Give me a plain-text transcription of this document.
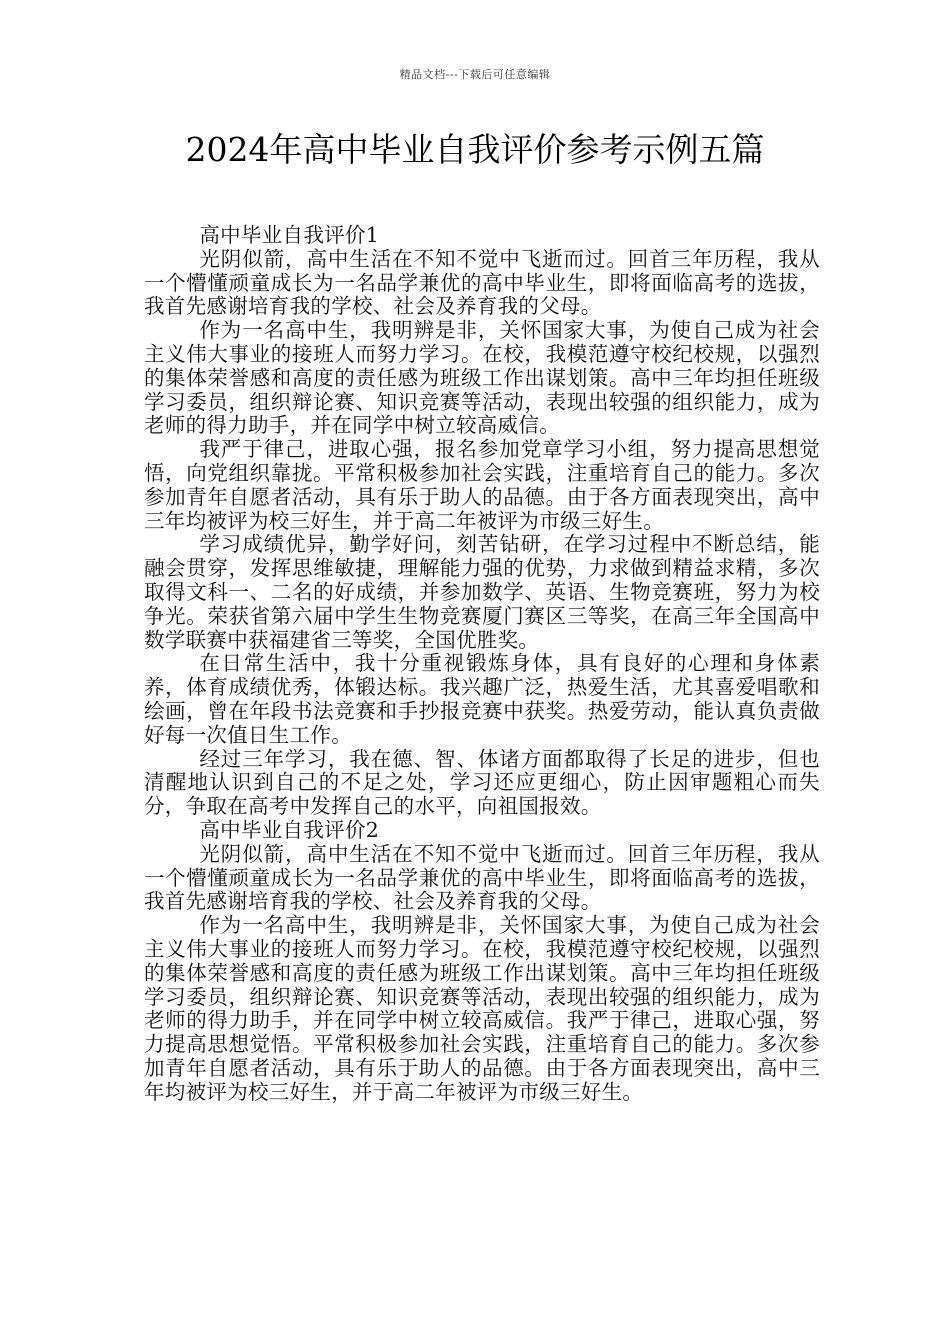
精品文档---下载后可任意编辑
2024年高中毕业自我评价参考示例五篇

高中毕业自我评价1

光阴似箭，高中生活在不知不觉中飞逝而过。回首三年历程，我从一个懵懂顽童成长为一名品学兼优的高中毕业生，即将面临高考的选拔，我首先感谢培育我的学校、社会及养育我的父母。

作为一名高中生，我明辨是非，关怀国家大事，为使自己成为社会主义伟大事业的接班人而努力学习。在校，我模范遵守校纪校规，以强烈的集体荣誉感和高度的责任感为班级工作出谋划策。高中三年均担任班级学习委员，组织辩论赛、知识竞赛等活动，表现出较强的组织能力，成为老师的得力助手，并在同学中树立较高威信。

我严于律己，进取心强，报名参加党章学习小组，努力提高思想觉悟，向党组织靠拢。平常积极参加社会实践，注重培育自己的能力。多次参加青年自愿者活动，具有乐于助人的品德。由于各方面表现突出，高中三年均被评为校三好生，并于高二年被评为市级三好生。

学习成绩优异，勤学好问，刻苦钻研，在学习过程中不断总结，能融会贯穿，发挥思维敏捷，理解能力强的优势，力求做到精益求精，多次取得文科一、二名的好成绩，并参加数学、英语、生物竞赛班，努力为校争光。荣获省第六届中学生生物竞赛厦门赛区三等奖，在高三年全国高中数学联赛中获福建省三等奖，全国优胜奖。

在日常生活中，我十分重视锻炼身体，具有良好的心理和身体素养，体育成绩优秀，体锻达标。我兴趣广泛，热爱生活，尤其喜爱唱歌和绘画，曾在年段书法竞赛和手抄报竞赛中获奖。热爱劳动，能认真负责做好每一次值日生工作。

经过三年学习，我在德、智、体诸方面都取得了长足的进步，但也清醒地认识到自己的不足之处，学习还应更细心，防止因审题粗心而失分，争取在高考中发挥自己的水平，向祖国报效。

高中毕业自我评价2

光阴似箭，高中生活在不知不觉中飞逝而过。回首三年历程，我从一个懵懂顽童成长为一名品学兼优的高中毕业生，即将面临高考的选拔，我首先感谢培育我的学校、社会及养育我的父母。

作为一名高中生，我明辨是非，关怀国家大事，为使自己成为社会主义伟大事业的接班人而努力学习。在校，我模范遵守校纪校规，以强烈的集体荣誉感和高度的责任感为班级工作出谋划策。高中三年均担任班级学习委员，组织辩论赛、知识竞赛等活动，表现出较强的组织能力，成为老师的得力助手，并在同学中树立较高威信。我严于律己，进取心强，努力提高思想觉悟。平常积极参加社会实践，注重培育自己的能力。多次参加青年自愿者活动，具有乐于助人的品德。由于各方面表现突出，高中三年均被评为校三好生，并于高二年被评为市级三好生。
